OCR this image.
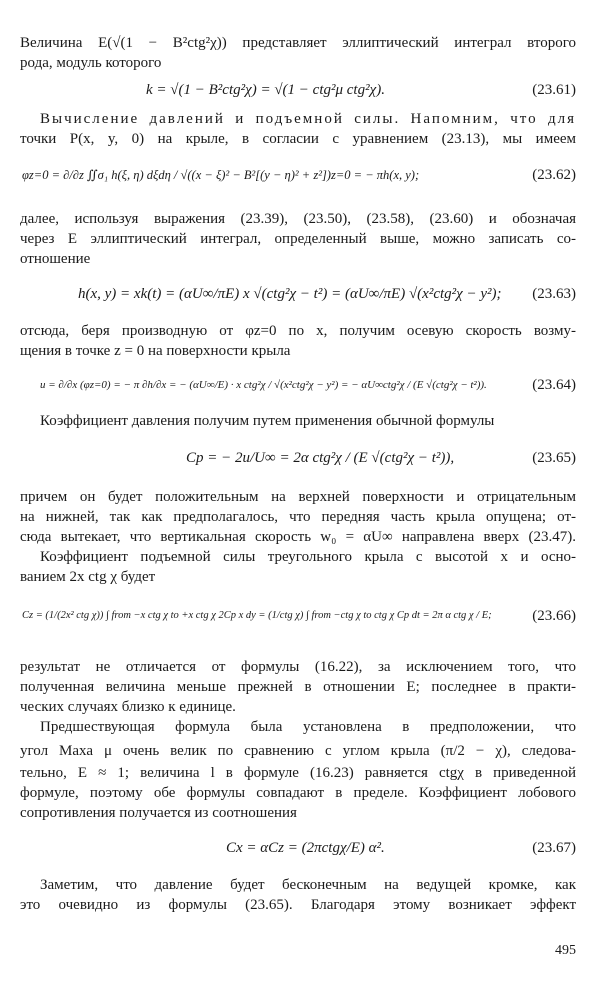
Величина E(√(1 − B²ctg²χ)) представляет эллиптический интеграл второго
рода, модуль которого
k = √(1 − B²ctg²χ) = √(1 − ctg²μ ctg²χ).	(23.61)
Вычисление давлений и подъемной силы. Напомним, что для
точки P(x, y, 0) на крыле, в согласии с уравнением (23.13), мы имеем
φz=0 = ∂/∂z ∬σ₁ h(ξ, η) dξdη / √((x − ξ)² − B²[(y − η)² + z²])z=0 = − πh(x, y);	(23.62)
далее, используя выражения (23.39), (23.50), (23.58), (23.60) и обозначая
через E эллиптический интеграл, определенный выше, можно записать со-
отношение
h(x, y) = xk(t) = (αU∞/πE) x √(ctg²χ − t²) = (αU∞/πE) √(x²ctg²χ − y²); (23.63)
отсюда, беря производную от φz=0 по x, получим осевую скорость возму-
щения в точке z = 0 на поверхности крыла
u = ∂/∂x (φz=0) = − π ∂h/∂x = − (αU∞/E) · x ctg²χ / √(x²ctg²χ − y²) = − αU∞ctg²χ / (E √(ctg²χ − t²)).	(23.64)
Коэффициент давления получим путем применения обычной формулы
Cp = − 2u/U∞ = 2α ctg²χ / (E √(ctg²χ − t²)),	(23.65)
причем он будет положительным на верхней поверхности и отрицательным
на нижней, так как предполагалось, что передняя часть крыла опущена; от-
сюда вытекает, что вертикальная скорость w₀ = αU∞ направлена вверх (23.47).
Коэффициент подъемной силы треугольного крыла с высотой x и осно-
ванием 2x ctg χ будет
Cz = (1/(2x² ctg χ)) ∫ from −x ctg χ to +x ctg χ 2Cp x dy = (1/ctg χ) ∫ from −ctg χ to ctg χ Cp dt = 2π α ctg χ / E;	(23.66)
результат не отличается от формулы (16.22), за исключением того, что
полученная величина меньше прежней в отношении E; последнее в практи-
ческих случаях близко к единице.
Предшествующая формула была установлена в предположении, что
угол Маха μ очень велик по сравнению с углом крыла (π/2 − χ), следова-
тельно, E ≈ 1; величина l в формуле (16.23) равняется ctgχ в приведенной
формуле, поэтому обе формулы совпадают в пределе. Коэффициент лобового
сопротивления получается из соотношения
Cx = αCz = (2πctgχ/E) α².	(23.67)
Заметим, что давление будет бесконечным на ведущей кромке, как
это очевидно из формулы (23.65). Благодаря этому возникает эффект
495
